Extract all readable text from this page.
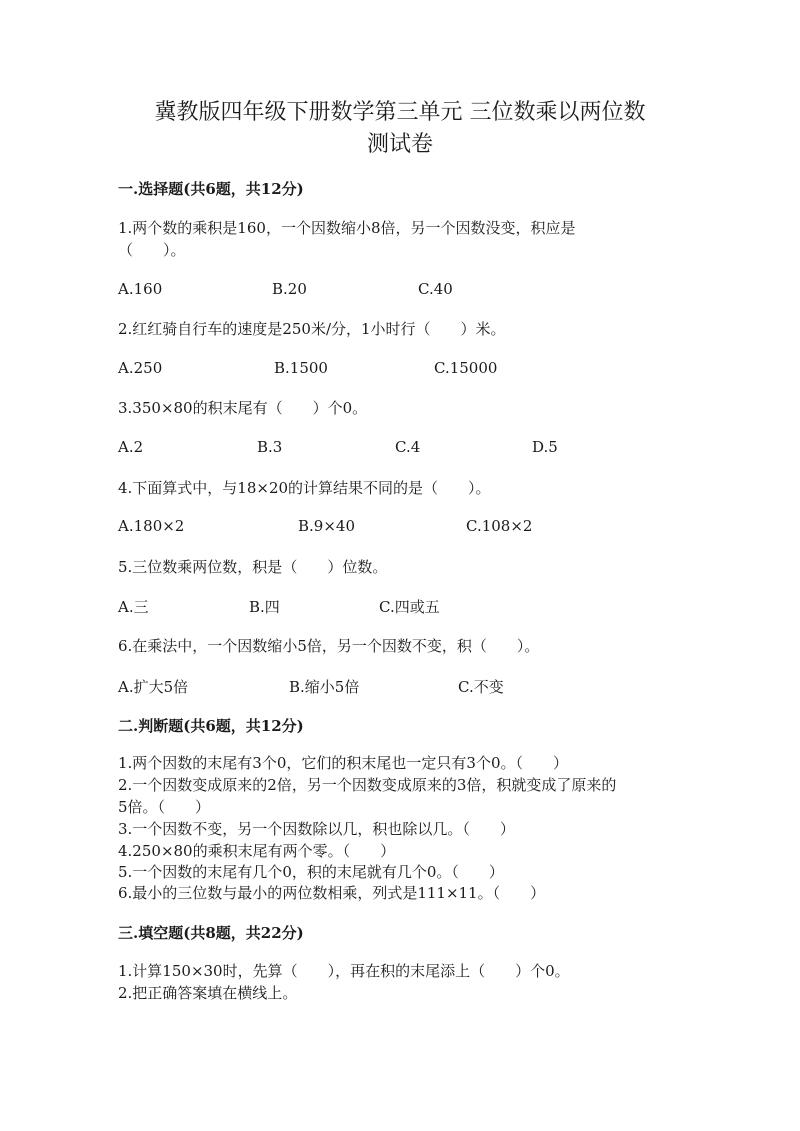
冀教版四年级下册数学第三单元 三位数乘以两位数
测试卷
一.选择题(共6题，共12分)
1.两个数的乘积是160，一个因数缩小8倍，另一个因数没变，积应是
（　　）。
A.160	B.20	C.40
2.红红骑自行车的速度是250米/分，1小时行（　　）米。
A.250	B.1500	C.15000
3.350×80的积末尾有（　　）个0。
A.2	B.3	C.4	D.5
4.下面算式中，与18×20的计算结果不同的是（　　）。
A.180×2	B.9×40	C.108×2
5.三位数乘两位数，积是（　　）位数。
A.三	B.四	C.四或五
6.在乘法中，一个因数缩小5倍，另一个因数不变，积（　　）。
A.扩大5倍	B.缩小5倍	C.不变
二.判断题(共6题，共12分)
1.两个因数的末尾有3个0，它们的积末尾也一定只有3个0。（　　）
2.一个因数变成原来的2倍，另一个因数变成原来的3倍，积就变成了原来的
5倍。（　　）
3.一个因数不变，另一个因数除以几，积也除以几。（　　）
4.250×80的乘积末尾有两个零。（　　）
5.一个因数的末尾有几个0，积的末尾就有几个0。（　　）
6.最小的三位数与最小的两位数相乘，列式是111×11。（　　）
三.填空题(共8题，共22分)
1.计算150×30时，先算（　　），再在积的末尾添上（　　）个0。
2.把正确答案填在横线上。
